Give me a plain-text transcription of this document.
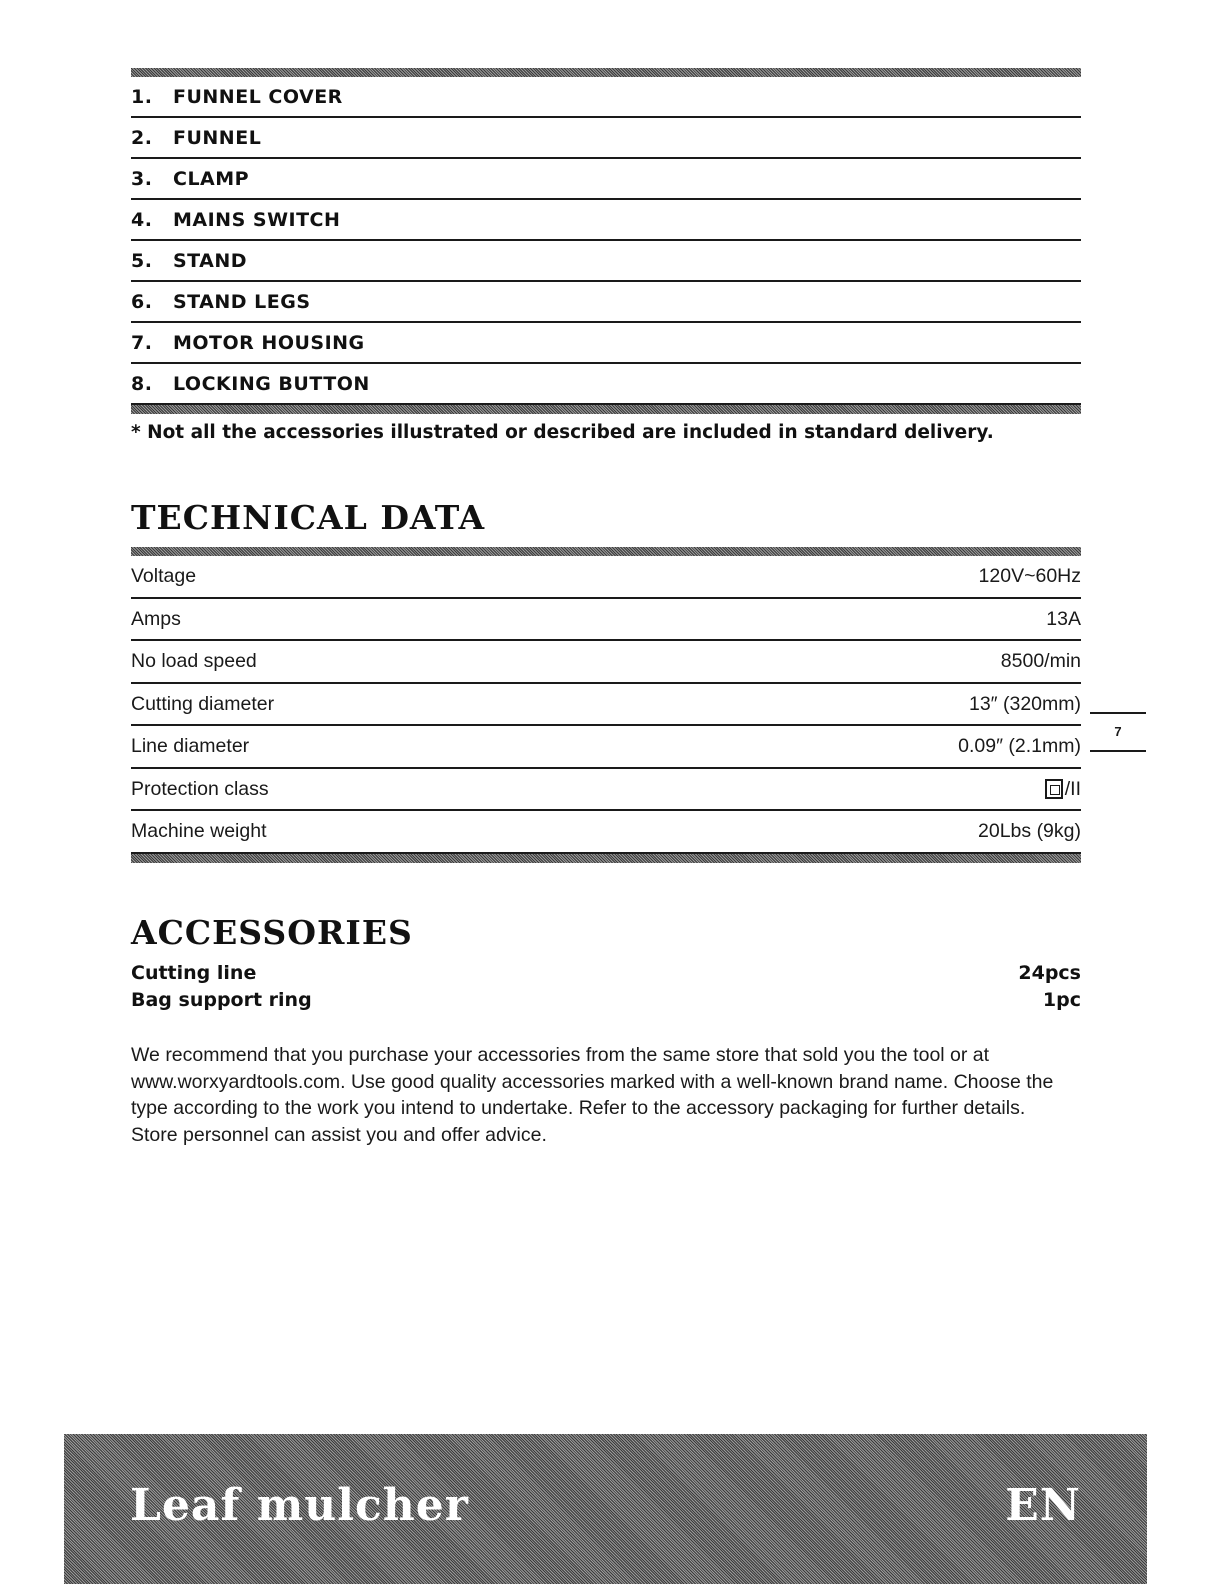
1.	FUNNEL COVER
2.	FUNNEL
3.	CLAMP
4.	MAINS SWITCH
5.	STAND
6.	STAND LEGS
7.	MOTOR HOUSING
8.	LOCKING BUTTON
* Not all the accessories illustrated or described are included in standard delivery.
TECHNICAL DATA
Voltage	120V~60Hz
Amps	13A
No load speed	8500/min
Cutting diameter	13″ (320mm)
Line diameter	0.09″ (2.1mm)
Protection class	/II
Machine weight	20Lbs (9kg)
7
ACCESSORIES
Cutting line	24pcs
Bag support ring	1pc
We recommend that you purchase your accessories from the same store that sold you the tool or at www.worxyardtools.com. Use good quality accessories marked with a well-known brand name. Choose the type according to the work you intend to undertake. Refer to the accessory packaging for further details. Store personnel can assist you and offer advice.
Leaf mulcher	EN
